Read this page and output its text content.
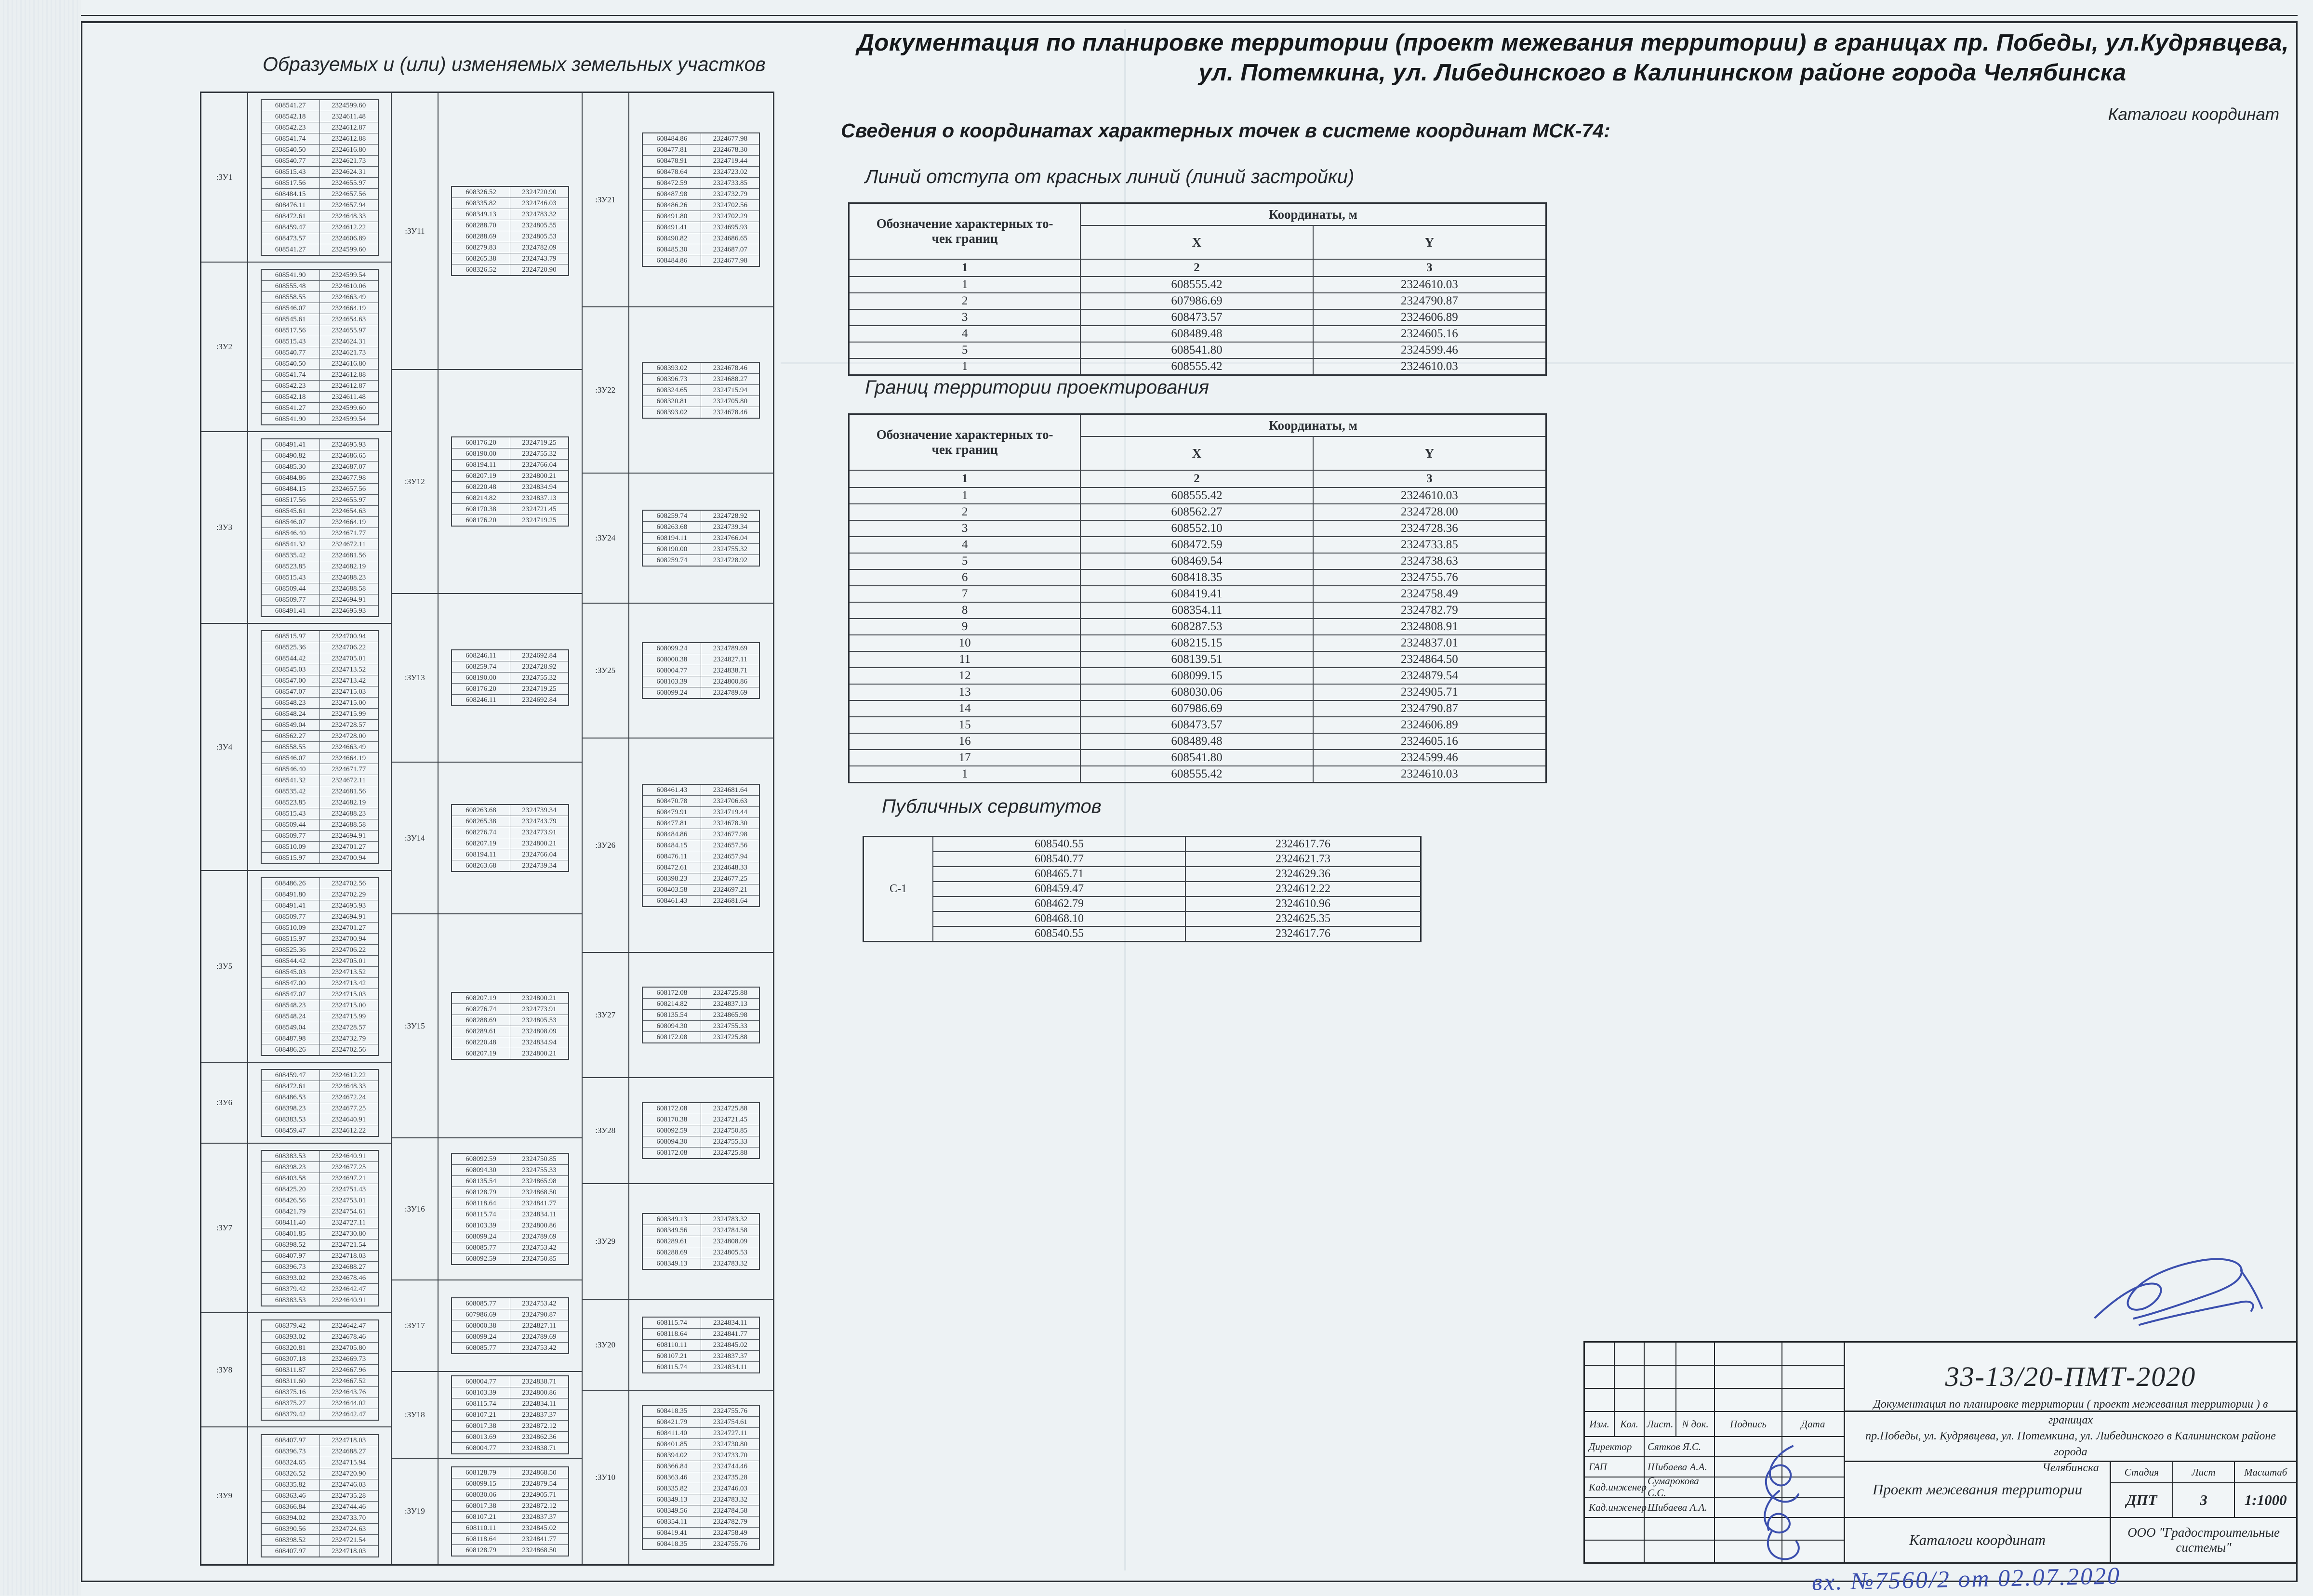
Документация по планировке территории (проект межевания территории) в границах пр. Победы, ул.Кудрявцева,
ул. Потемкина, ул. Либединского в Калининском районе города Челябинска
Каталоги координат
Сведения о координатах характерных точек в системе координат МСК-74:
Образуемых и (или) изменяемых земельных участков
:ЗУ1
608541.27	2324599.60
608542.18	2324611.48
608542.23	2324612.87
608541.74	2324612.88
608540.50	2324616.80
608540.77	2324621.73
608515.43	2324624.31
608517.56	2324655.97
608484.15	2324657.56
608476.11	2324657.94
608472.61	2324648.33
608459.47	2324612.22
608473.57	2324606.89
608541.27	2324599.60
:ЗУ2
608541.90	2324599.54
608555.48	2324610.06
608558.55	2324663.49
608546.07	2324664.19
608545.61	2324654.63
608517.56	2324655.97
608515.43	2324624.31
608540.77	2324621.73
608540.50	2324616.80
608541.74	2324612.88
608542.23	2324612.87
608542.18	2324611.48
608541.27	2324599.60
608541.90	2324599.54
:ЗУ3
608491.41	2324695.93
608490.82	2324686.65
608485.30	2324687.07
608484.86	2324677.98
608484.15	2324657.56
608517.56	2324655.97
608545.61	2324654.63
608546.07	2324664.19
608546.40	2324671.77
608541.32	2324672.11
608535.42	2324681.56
608523.85	2324682.19
608515.43	2324688.23
608509.44	2324688.58
608509.77	2324694.91
608491.41	2324695.93
:ЗУ4
608515.97	2324700.94
608525.36	2324706.22
608544.42	2324705.01
608545.03	2324713.52
608547.00	2324713.42
608547.07	2324715.03
608548.23	2324715.00
608548.24	2324715.99
608549.04	2324728.57
608562.27	2324728.00
608558.55	2324663.49
608546.07	2324664.19
608546.40	2324671.77
608541.32	2324672.11
608535.42	2324681.56
608523.85	2324682.19
608515.43	2324688.23
608509.44	2324688.58
608509.77	2324694.91
608510.09	2324701.27
608515.97	2324700.94
:ЗУ5
608486.26	2324702.56
608491.80	2324702.29
608491.41	2324695.93
608509.77	2324694.91
608510.09	2324701.27
608515.97	2324700.94
608525.36	2324706.22
608544.42	2324705.01
608545.03	2324713.52
608547.00	2324713.42
608547.07	2324715.03
608548.23	2324715.00
608548.24	2324715.99
608549.04	2324728.57
608487.98	2324732.79
608486.26	2324702.56
:ЗУ6
608459.47	2324612.22
608472.61	2324648.33
608486.53	2324672.24
608398.23	2324677.25
608383.53	2324640.91
608459.47	2324612.22
:ЗУ7
608383.53	2324640.91
608398.23	2324677.25
608403.58	2324697.21
608425.20	2324751.43
608426.56	2324753.01
608421.79	2324754.61
608411.40	2324727.11
608401.85	2324730.80
608398.52	2324721.54
608407.97	2324718.03
608396.73	2324688.27
608393.02	2324678.46
608379.42	2324642.47
608383.53	2324640.91
:ЗУ8
608379.42	2324642.47
608393.02	2324678.46
608320.81	2324705.80
608307.18	2324669.73
608311.87	2324667.96
608311.60	2324667.52
608375.16	2324643.76
608375.27	2324644.02
608379.42	2324642.47
:ЗУ9
608407.97	2324718.03
608396.73	2324688.27
608324.65	2324715.94
608326.52	2324720.90
608335.82	2324746.03
608363.46	2324735.28
608366.84	2324744.46
608394.02	2324733.70
608390.56	2324724.63
608398.52	2324721.54
608407.97	2324718.03
:ЗУ11
608326.52	2324720.90
608335.82	2324746.03
608349.13	2324783.32
608288.70	2324805.55
608288.69	2324805.53
608279.83	2324782.09
608265.38	2324743.79
608326.52	2324720.90
:ЗУ12
608176.20	2324719.25
608190.00	2324755.32
608194.11	2324766.04
608207.19	2324800.21
608220.48	2324834.94
608214.82	2324837.13
608170.38	2324721.45
608176.20	2324719.25
:ЗУ13
608246.11	2324692.84
608259.74	2324728.92
608190.00	2324755.32
608176.20	2324719.25
608246.11	2324692.84
:ЗУ14
608263.68	2324739.34
608265.38	2324743.79
608276.74	2324773.91
608207.19	2324800.21
608194.11	2324766.04
608263.68	2324739.34
:ЗУ15
608207.19	2324800.21
608276.74	2324773.91
608288.69	2324805.53
608289.61	2324808.09
608220.48	2324834.94
608207.19	2324800.21
:ЗУ16
608092.59	2324750.85
608094.30	2324755.33
608135.54	2324865.98
608128.79	2324868.50
608118.64	2324841.77
608115.74	2324834.11
608103.39	2324800.86
608099.24	2324789.69
608085.77	2324753.42
608092.59	2324750.85
:ЗУ17
608085.77	2324753.42
607986.69	2324790.87
608000.38	2324827.11
608099.24	2324789.69
608085.77	2324753.42
:ЗУ18
608004.77	2324838.71
608103.39	2324800.86
608115.74	2324834.11
608107.21	2324837.37
608017.38	2324872.12
608013.69	2324862.36
608004.77	2324838.71
:ЗУ19
608128.79	2324868.50
608099.15	2324879.54
608030.06	2324905.71
608017.38	2324872.12
608107.21	2324837.37
608110.11	2324845.02
608118.64	2324841.77
608128.79	2324868.50
:ЗУ21
608484.86	2324677.98
608477.81	2324678.30
608478.91	2324719.44
608478.64	2324723.02
608472.59	2324733.85
608487.98	2324732.79
608486.26	2324702.56
608491.80	2324702.29
608491.41	2324695.93
608490.82	2324686.65
608485.30	2324687.07
608484.86	2324677.98
:ЗУ22
608393.02	2324678.46
608396.73	2324688.27
608324.65	2324715.94
608320.81	2324705.80
608393.02	2324678.46
:ЗУ24
608259.74	2324728.92
608263.68	2324739.34
608194.11	2324766.04
608190.00	2324755.32
608259.74	2324728.92
:ЗУ25
608099.24	2324789.69
608000.38	2324827.11
608004.77	2324838.71
608103.39	2324800.86
608099.24	2324789.69
:ЗУ26
608461.43	2324681.64
608470.78	2324706.63
608479.91	2324719.44
608477.81	2324678.30
608484.86	2324677.98
608484.15	2324657.56
608476.11	2324657.94
608472.61	2324648.33
608398.23	2324677.25
608403.58	2324697.21
608461.43	2324681.64
:ЗУ27
608172.08	2324725.88
608214.82	2324837.13
608135.54	2324865.98
608094.30	2324755.33
608172.08	2324725.88
:ЗУ28
608172.08	2324725.88
608170.38	2324721.45
608092.59	2324750.85
608094.30	2324755.33
608172.08	2324725.88
:ЗУ29
608349.13	2324783.32
608349.56	2324784.58
608289.61	2324808.09
608288.69	2324805.53
608349.13	2324783.32
:ЗУ20
608115.74	2324834.11
608118.64	2324841.77
608110.11	2324845.02
608107.21	2324837.37
608115.74	2324834.11
:ЗУ10
608418.35	2324755.76
608421.79	2324754.61
608411.40	2324727.11
608401.85	2324730.80
608394.02	2324733.70
608366.84	2324744.46
608363.46	2324735.28
608335.82	2324746.03
608349.13	2324783.32
608349.56	2324784.58
608354.11	2324782.79
608419.41	2324758.49
608418.35	2324755.76
Линий отступа от красных линий (линий застройки)
Обозначение характерных то-
чек границ	Координаты, м	
	X	Y
1	2	3
1	608555.42	2324610.03
2	607986.69	2324790.87
3	608473.57	2324606.89
4	608489.48	2324605.16
5	608541.80	2324599.46
1	608555.42	2324610.03
Границ территории проектирования
Обозначение характерных то-
чек границ	Координаты, м	
	X	Y
1	2	3
1	608555.42	2324610.03
2	608562.27	2324728.00
3	608552.10	2324728.36
4	608472.59	2324733.85
5	608469.54	2324738.63
6	608418.35	2324755.76
7	608419.41	2324758.49
8	608354.11	2324782.79
9	608287.53	2324808.91
10	608215.15	2324837.01
11	608139.51	2324864.50
12	608099.15	2324879.54
13	608030.06	2324905.71
14	607986.69	2324790.87
15	608473.57	2324606.89
16	608489.48	2324605.16
17	608541.80	2324599.46
1	608555.42	2324610.03
Публичных сервитутов
С-1	608540.55	2324617.76
	608540.77	2324621.73
	608465.71	2324629.36
	608459.47	2324612.22
	608462.79	2324610.96
	608468.10	2324625.35
	608540.55	2324617.76
Изм.	Кол. Лист. N док.	Подпись	Дата
Директор	Сятков Я.С.
ГАП	Шибаева А.А.
Кад.инженер
Сумарокова С.С.
Кад.инженер Шибаева А.А.
33-13/20-ПМТ-2020
Документация по планировке территории ( проект межевания территории ) в границах
пр.Победы, ул. Кудрявцева, ул. Потемкина, ул. Либединского в Калининском районе города
Челябинска
Проект межевания территории
Каталоги координат
Стадия	Лист	Масштаб
ДПТ	3	1:1000
ООО "Градостроительные системы"
вх. №7560/2 от 02.07.2020
